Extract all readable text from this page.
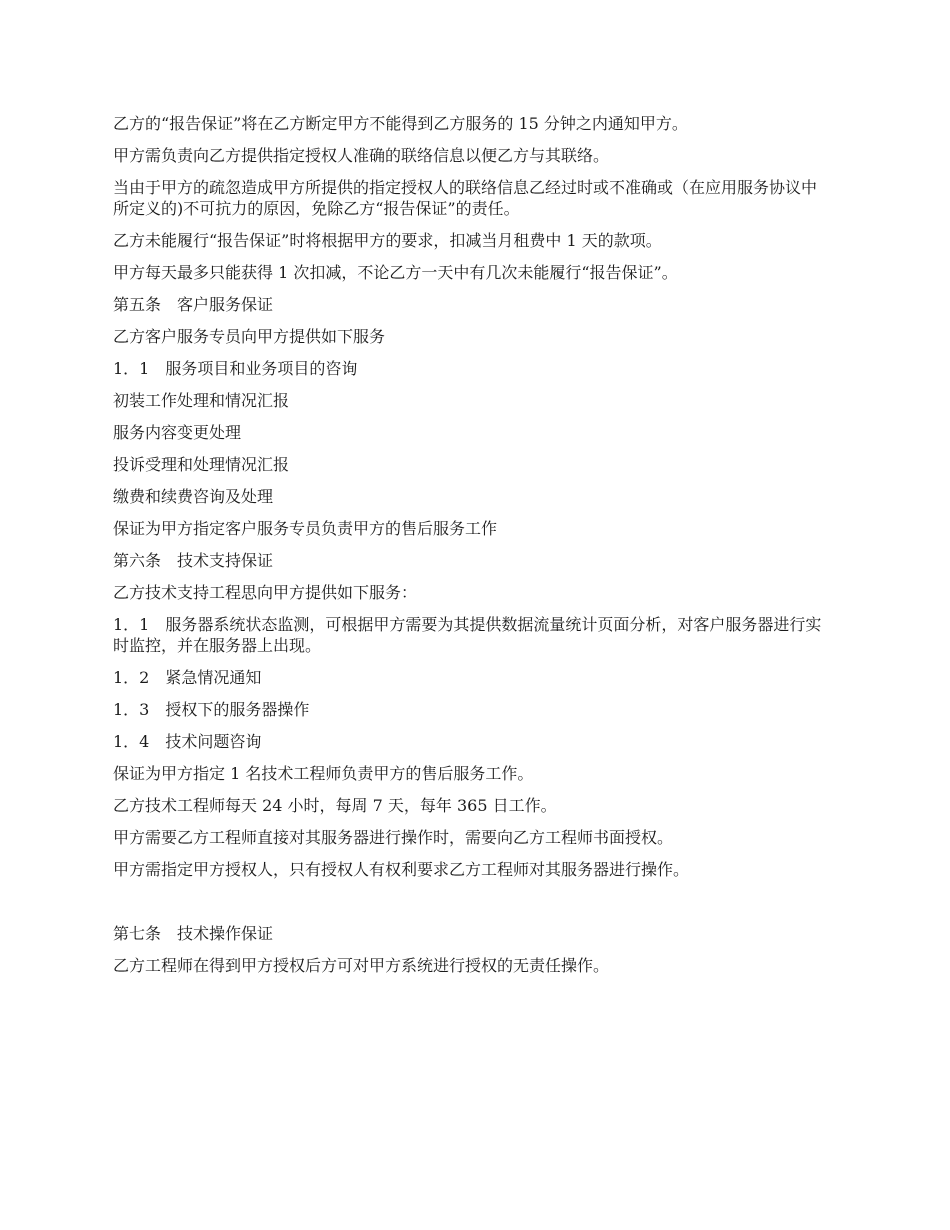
乙方的“报告保证”将在乙方断定甲方不能得到乙方服务的 15 分钟之内通知甲方。

甲方需负责向乙方提供指定授权人准确的联络信息以便乙方与其联络。

当由于甲方的疏忽造成甲方所提供的指定授权人的联络信息乙经过时或不准确或（在应用服务协议中所定义的)不可抗力的原因，免除乙方“报告保证”的责任。

乙方未能履行“报告保证”时将根据甲方的要求，扣减当月租费中 1 天的款项。

甲方每天最多只能获得 1 次扣减，不论乙方一天中有几次未能履行“报告保证”。

第五条　客户服务保证

乙方客户服务专员向甲方提供如下服务

1．1　服务项目和业务项目的咨询

初装工作处理和情况汇报

服务内容变更处理

投诉受理和处理情况汇报

缴费和续费咨询及处理

保证为甲方指定客户服务专员负责甲方的售后服务工作

第六条　技术支持保证

乙方技术支持工程思向甲方提供如下服务：

1．1　服务器系统状态监测，可根据甲方需要为其提供数据流量统计页面分析，对客户服务器进行实时监控，并在服务器上出现。

1．2　紧急情况通知

1．3　授权下的服务器操作

1．4　技术问题咨询

保证为甲方指定 1 名技术工程师负责甲方的售后服务工作。

乙方技术工程师每天 24 小时，每周 7 天，每年 365 日工作。

甲方需要乙方工程师直接对其服务器进行操作时，需要向乙方工程师书面授权。

甲方需指定甲方授权人，只有授权人有权利要求乙方工程师对其服务器进行操作。

第七条　技术操作保证

乙方工程师在得到甲方授权后方可对甲方系统进行授权的无责任操作。
